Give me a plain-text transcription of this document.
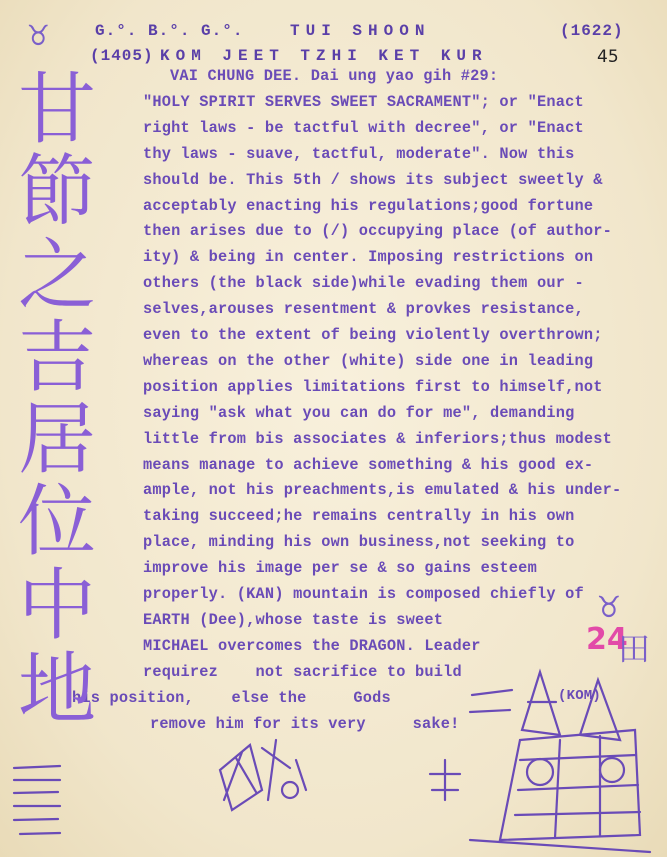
♉	G.°. B.°. G.°.	TUI SHOON	(1622)
(1405) KOM JEET TZHI KET KUR	45
VAI CHUNG DEE. Dai ung yao gih #29:
"HOLY SPIRIT SERVES SWEET SACRAMENT"; or "Enact
right laws - be tactful with decree", or "Enact
thy laws - suave, tactful, moderate". Now this
should be. This 5th / shows its subject sweetly &
acceptably enacting his regulations;good fortune
then arises due to (/) occupying place (of author-
ity) & being in center. Imposing restrictions on
others (the black side)while evading them our -
selves,arouses resentment & provkes resistance,
even to the extent of being violently overthrown;
whereas on the other (white) side one in leading
position applies limitations first to himself,not
saying "ask what you can do for me", demanding
little from bis associates & inferiors;thus modest
means manage to achieve something & his good ex-
ample, not his preachments,is emulated & his under-
taking succeed;he remains centrally in his own
place, minding his own business,not seeking to
improve his image per se & so gains esteem
properly. (KAN) mountain is composed chiefly of
EARTH (Dee),whose taste is sweet
MICHAEL overcomes the DRAGON. Leader
requirez    not sacrifice to build
his position,    else the     Gods
remove him for its very     sake!
甘
節
之
吉
居
位
中
地
♉
24
田
(KOM)
